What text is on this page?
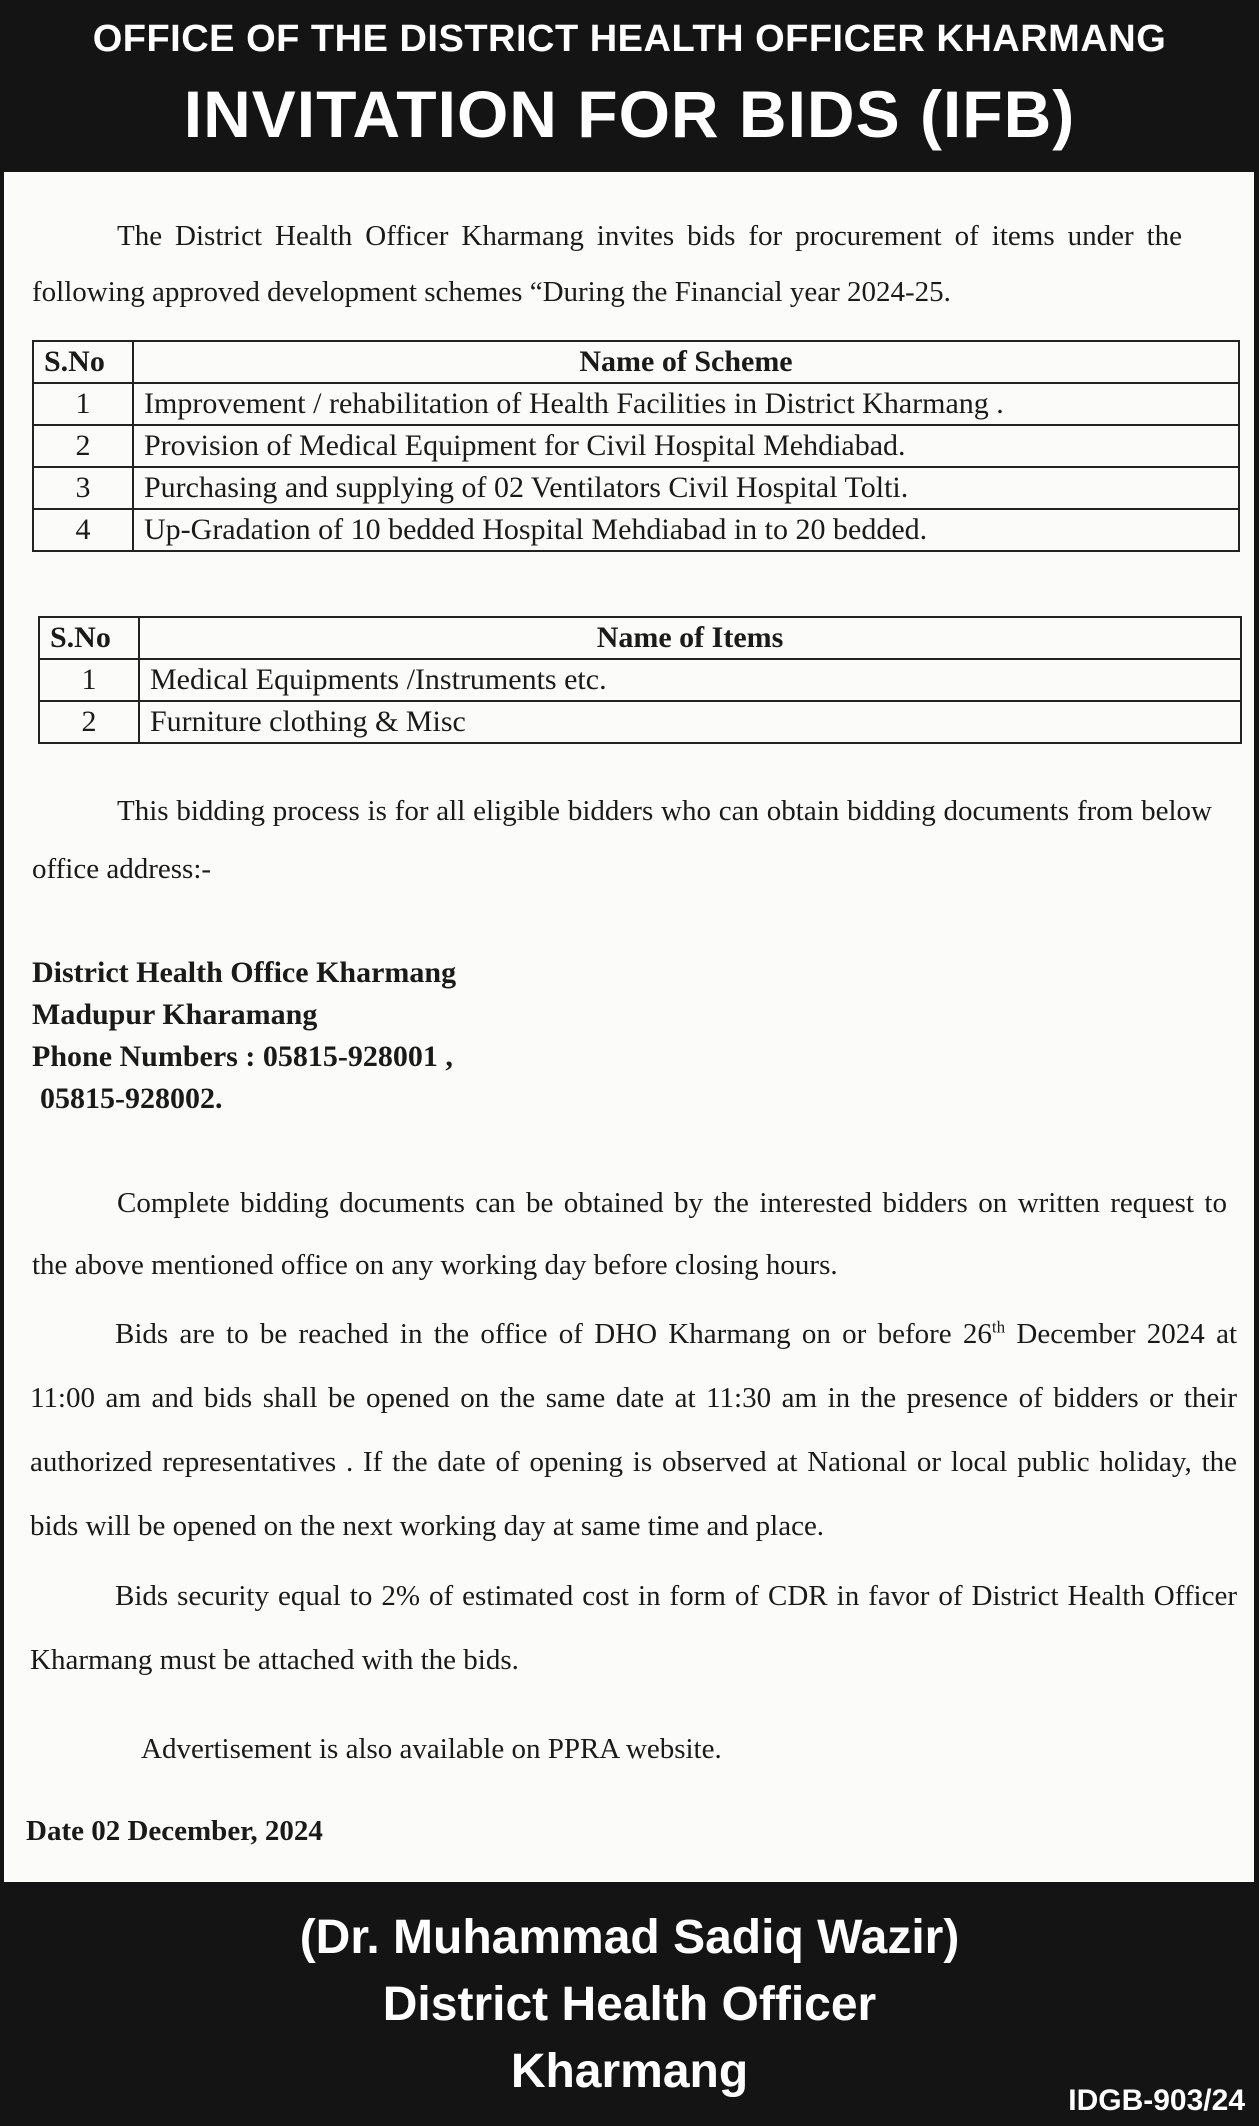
OFFICE OF THE DISTRICT HEALTH OFFICER KHARMANG
INVITATION FOR BIDS (IFB)

The District Health Officer Kharmang invites bids for procurement of items under the following approved development schemes “During the Financial year 2024-25.

S.No	Name of Scheme
1	Improvement / rehabilitation of Health Facilities in District Kharmang .
2	Provision of Medical Equipment for Civil Hospital Mehdiabad.
3	Purchasing and supplying of 02 Ventilators Civil Hospital Tolti.
4	Up-Gradation of 10 bedded Hospital Mehdiabad in to 20 bedded.
S.No	Name of Items
1	Medical Equipments /Instruments etc.
2	Furniture clothing & Misc

This bidding process is for all eligible bidders who can obtain bidding documents from below office address:-

District Health Office Kharmang
Madupur Kharamang
Phone Numbers : 05815-928001 ,
05815-928002.

Complete bidding documents can be obtained by the interested bidders on written request to the above mentioned office on any working day before closing hours.

Bids are to be reached in the office of DHO Kharmang on or before 26th December 2024 at 11:00 am and bids shall be opened on the same date at 11:30 am in the presence of bidders or their authorized representatives . If the date of opening is observed at National or local public holiday, the bids will be opened on the next working day at same time and place.

Bids security equal to 2% of estimated cost in form of CDR in favor of District Health Officer Kharmang must be attached with the bids.

Advertisement is also available on PPRA website.

Date 02 December, 2024

(Dr. Muhammad Sadiq Wazir)
District Health Officer
Kharmang
IDGB-903/24
